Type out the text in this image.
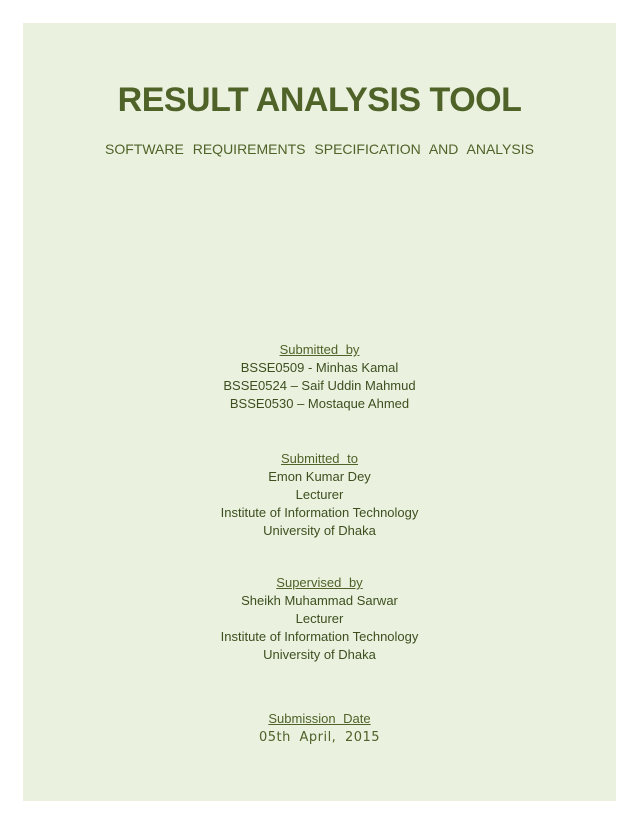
RESULT ANALYSIS TOOL
SOFTWARE REQUIREMENTS SPECIFICATION AND ANALYSIS
Submitted by
BSSE0509 - Minhas Kamal
BSSE0524 – Saif Uddin Mahmud
BSSE0530 – Mostaque Ahmed
Submitted to
Emon Kumar Dey
Lecturer
Institute of Information Technology
University of Dhaka
Supervised by
Sheikh Muhammad Sarwar
Lecturer
Institute of Information Technology
University of Dhaka
Submission Date
05th April, 2015
